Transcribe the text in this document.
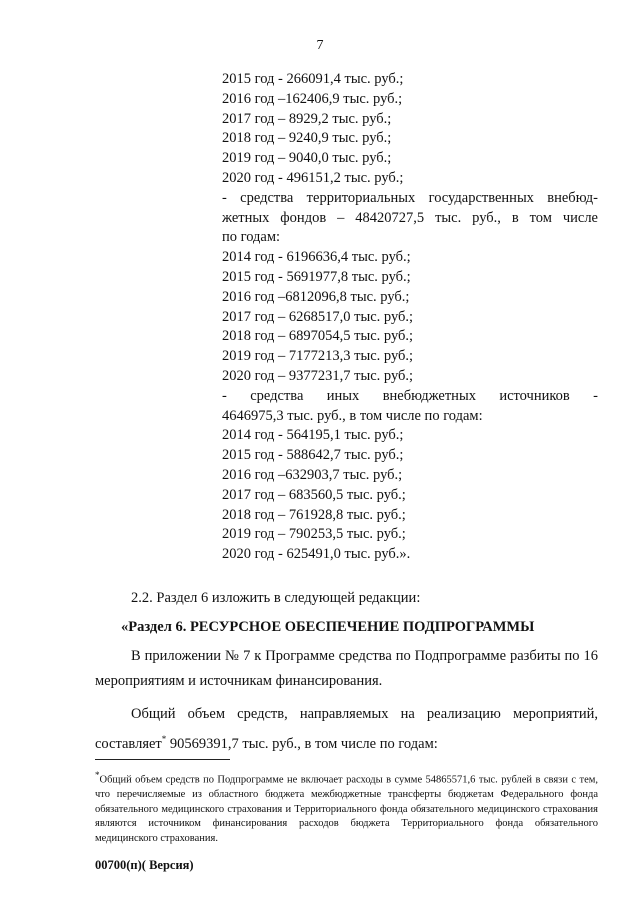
7
2015 год - 266091,4 тыс. руб.;
2016 год –162406,9 тыс. руб.;
2017 год – 8929,2 тыс. руб.;
2018 год – 9240,9 тыс. руб.;
2019 год – 9040,0 тыс. руб.;
2020 год - 496151,2 тыс. руб.;
- средства территориальных государственных внебюд-
жетных фондов – 48420727,5 тыс. руб., в том числе
по годам:
2014 год - 6196636,4 тыс. руб.;
2015 год - 5691977,8 тыс. руб.;
2016 год –6812096,8 тыс. руб.;
2017 год – 6268517,0 тыс. руб.;
2018 год – 6897054,5 тыс. руб.;
2019 год – 7177213,3 тыс. руб.;
2020 год – 9377231,7 тыс. руб.;
- средства иных внебюджетных источников -
4646975,3 тыс. руб., в том числе по годам:
2014 год - 564195,1 тыс. руб.;
2015 год - 588642,7 тыс. руб.;
2016 год –632903,7 тыс. руб.;
2017 год – 683560,5 тыс. руб.;
2018 год – 761928,8 тыс. руб.;
2019 год – 790253,5 тыс. руб.;
2020 год - 625491,0 тыс. руб.».
2.2. Раздел 6 изложить в следующей редакции:
«Раздел 6. РЕСУРСНОЕ ОБЕСПЕЧЕНИЕ ПОДПРОГРАММЫ
В приложении № 7 к Программе средства по Подпрограмме разбиты по 16 мероприятиям и источникам финансирования.
Общий объем средств, направляемых на реализацию мероприятий, составляет* 90569391,7 тыс. руб., в том числе по годам:
*Общий объем средств по Подпрограмме не включает расходы в сумме 54865571,6 тыс. рублей в связи с тем, что перечисляемые из областного бюджета межбюджетные трансферты бюджетам Федерального фонда обязательного медицинского страхования и Территориального фонда обязательного медицинского страхования являются источником финансирования расходов бюджета Территориального фонда обязательного медицинского страхования.
00700(п)( Версия)
